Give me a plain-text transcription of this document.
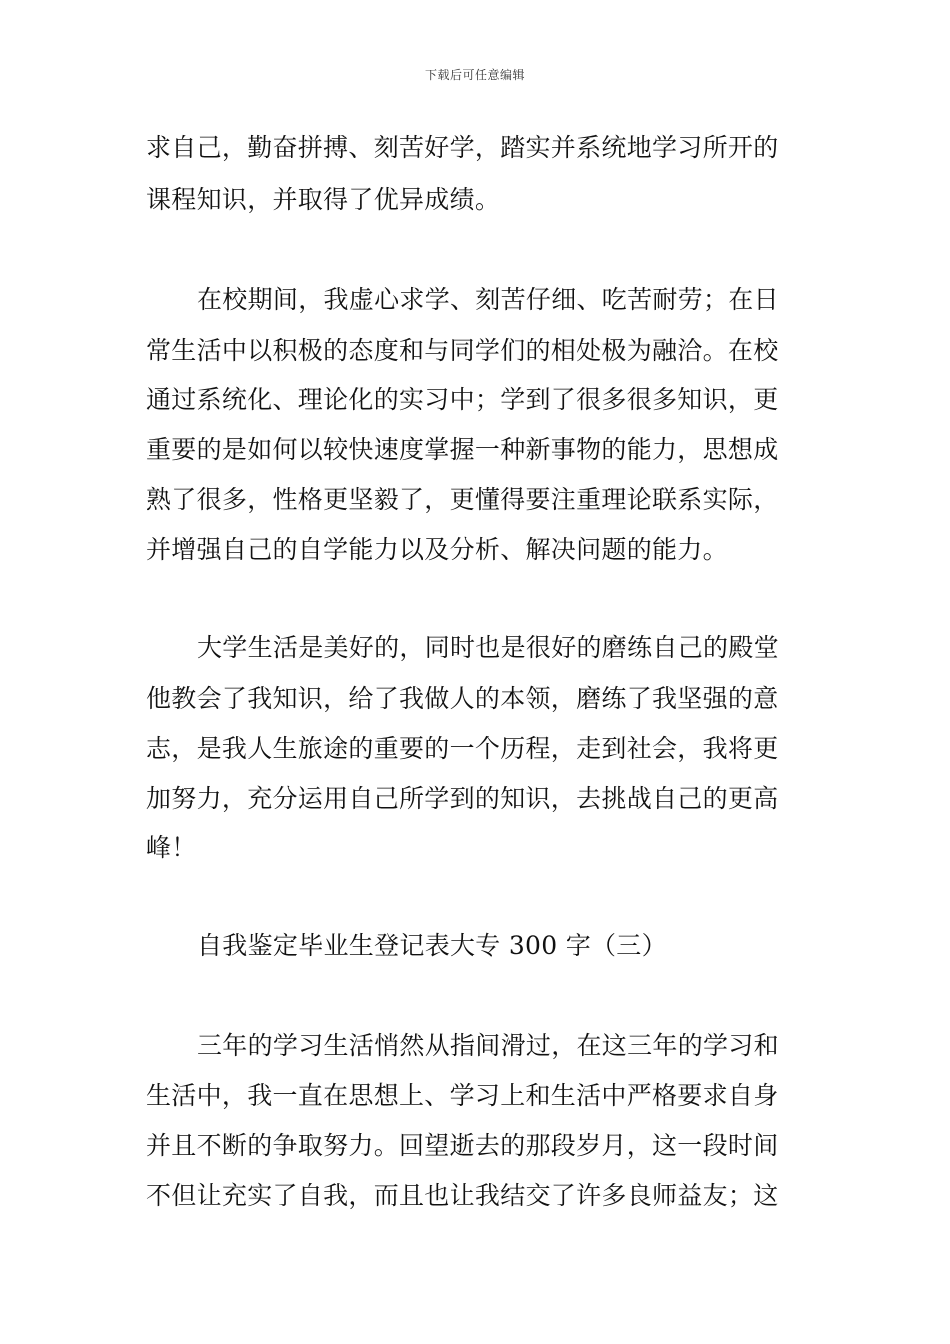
下载后可任意编辑
求自己，勤奋拼搏、刻苦好学，踏实并系统地学习所开的
课程知识，并取得了优异成绩。
在校期间，我虚心求学、刻苦仔细、吃苦耐劳；在日
常生活中以积极的态度和与同学们的相处极为融洽。在校
通过系统化、理论化的实习中；学到了很多很多知识，更
重要的是如何以较快速度掌握一种新事物的能力，思想成
熟了很多，性格更坚毅了，更懂得要注重理论联系实际，
并增强自己的自学能力以及分析、解决问题的能力。
大学生活是美好的，同时也是很好的磨练自己的殿堂
他教会了我知识，给了我做人的本领，磨练了我坚强的意
志，是我人生旅途的重要的一个历程，走到社会，我将更
加努力，充分运用自己所学到的知识，去挑战自己的更高
峰！
自我鉴定毕业生登记表大专 300 字（三）
三年的学习生活悄然从指间滑过，在这三年的学习和
生活中，我一直在思想上、学习上和生活中严格要求自身
并且不断的争取努力。回望逝去的那段岁月，这一段时间
不但让充实了自我，而且也让我结交了许多良师益友；这
